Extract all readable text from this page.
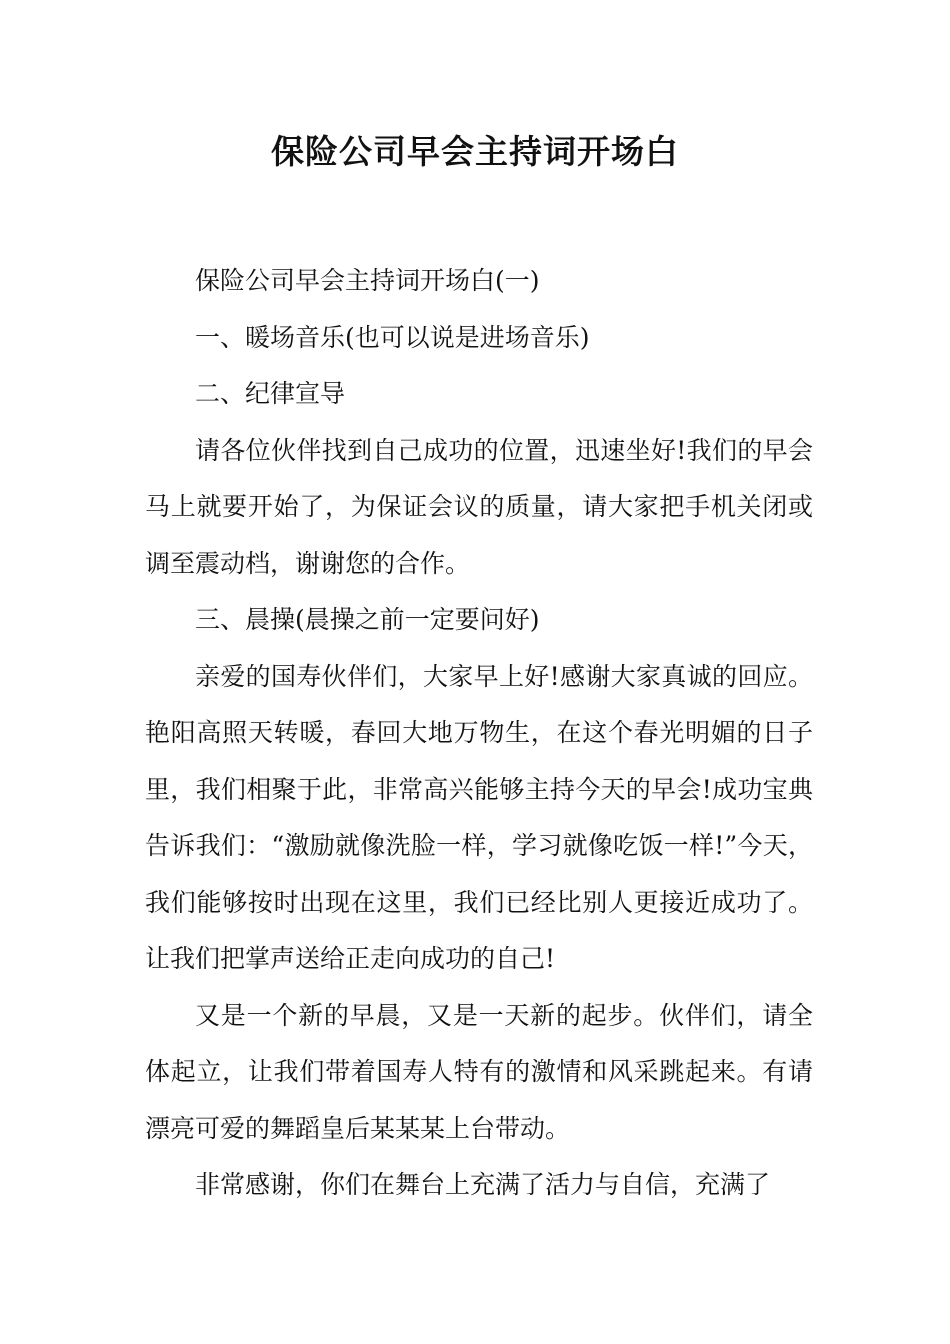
保险公司早会主持词开场白

保险公司早会主持词开场白(一)

一、暖场音乐(也可以说是进场音乐)

二、纪律宣导

请各位伙伴找到自己成功的位置，迅速坐好!我们的早会马上就要开始了，为保证会议的质量，请大家把手机关闭或调至震动档，谢谢您的合作。

三、晨操(晨操之前一定要问好)

亲爱的国寿伙伴们，大家早上好!感谢大家真诚的回应。艳阳高照天转暖，春回大地万物生，在这个春光明媚的日子里，我们相聚于此，非常高兴能够主持今天的早会!成功宝典告诉我们：“激励就像洗脸一样，学习就像吃饭一样!”今天，我们能够按时出现在这里，我们已经比别人更接近成功了。让我们把掌声送给正走向成功的自己!

又是一个新的早晨，又是一天新的起步。伙伴们，请全体起立，让我们带着国寿人特有的激情和风采跳起来。有请漂亮可爱的舞蹈皇后某某某上台带动。

非常感谢，你们在舞台上充满了活力与自信，充满了
